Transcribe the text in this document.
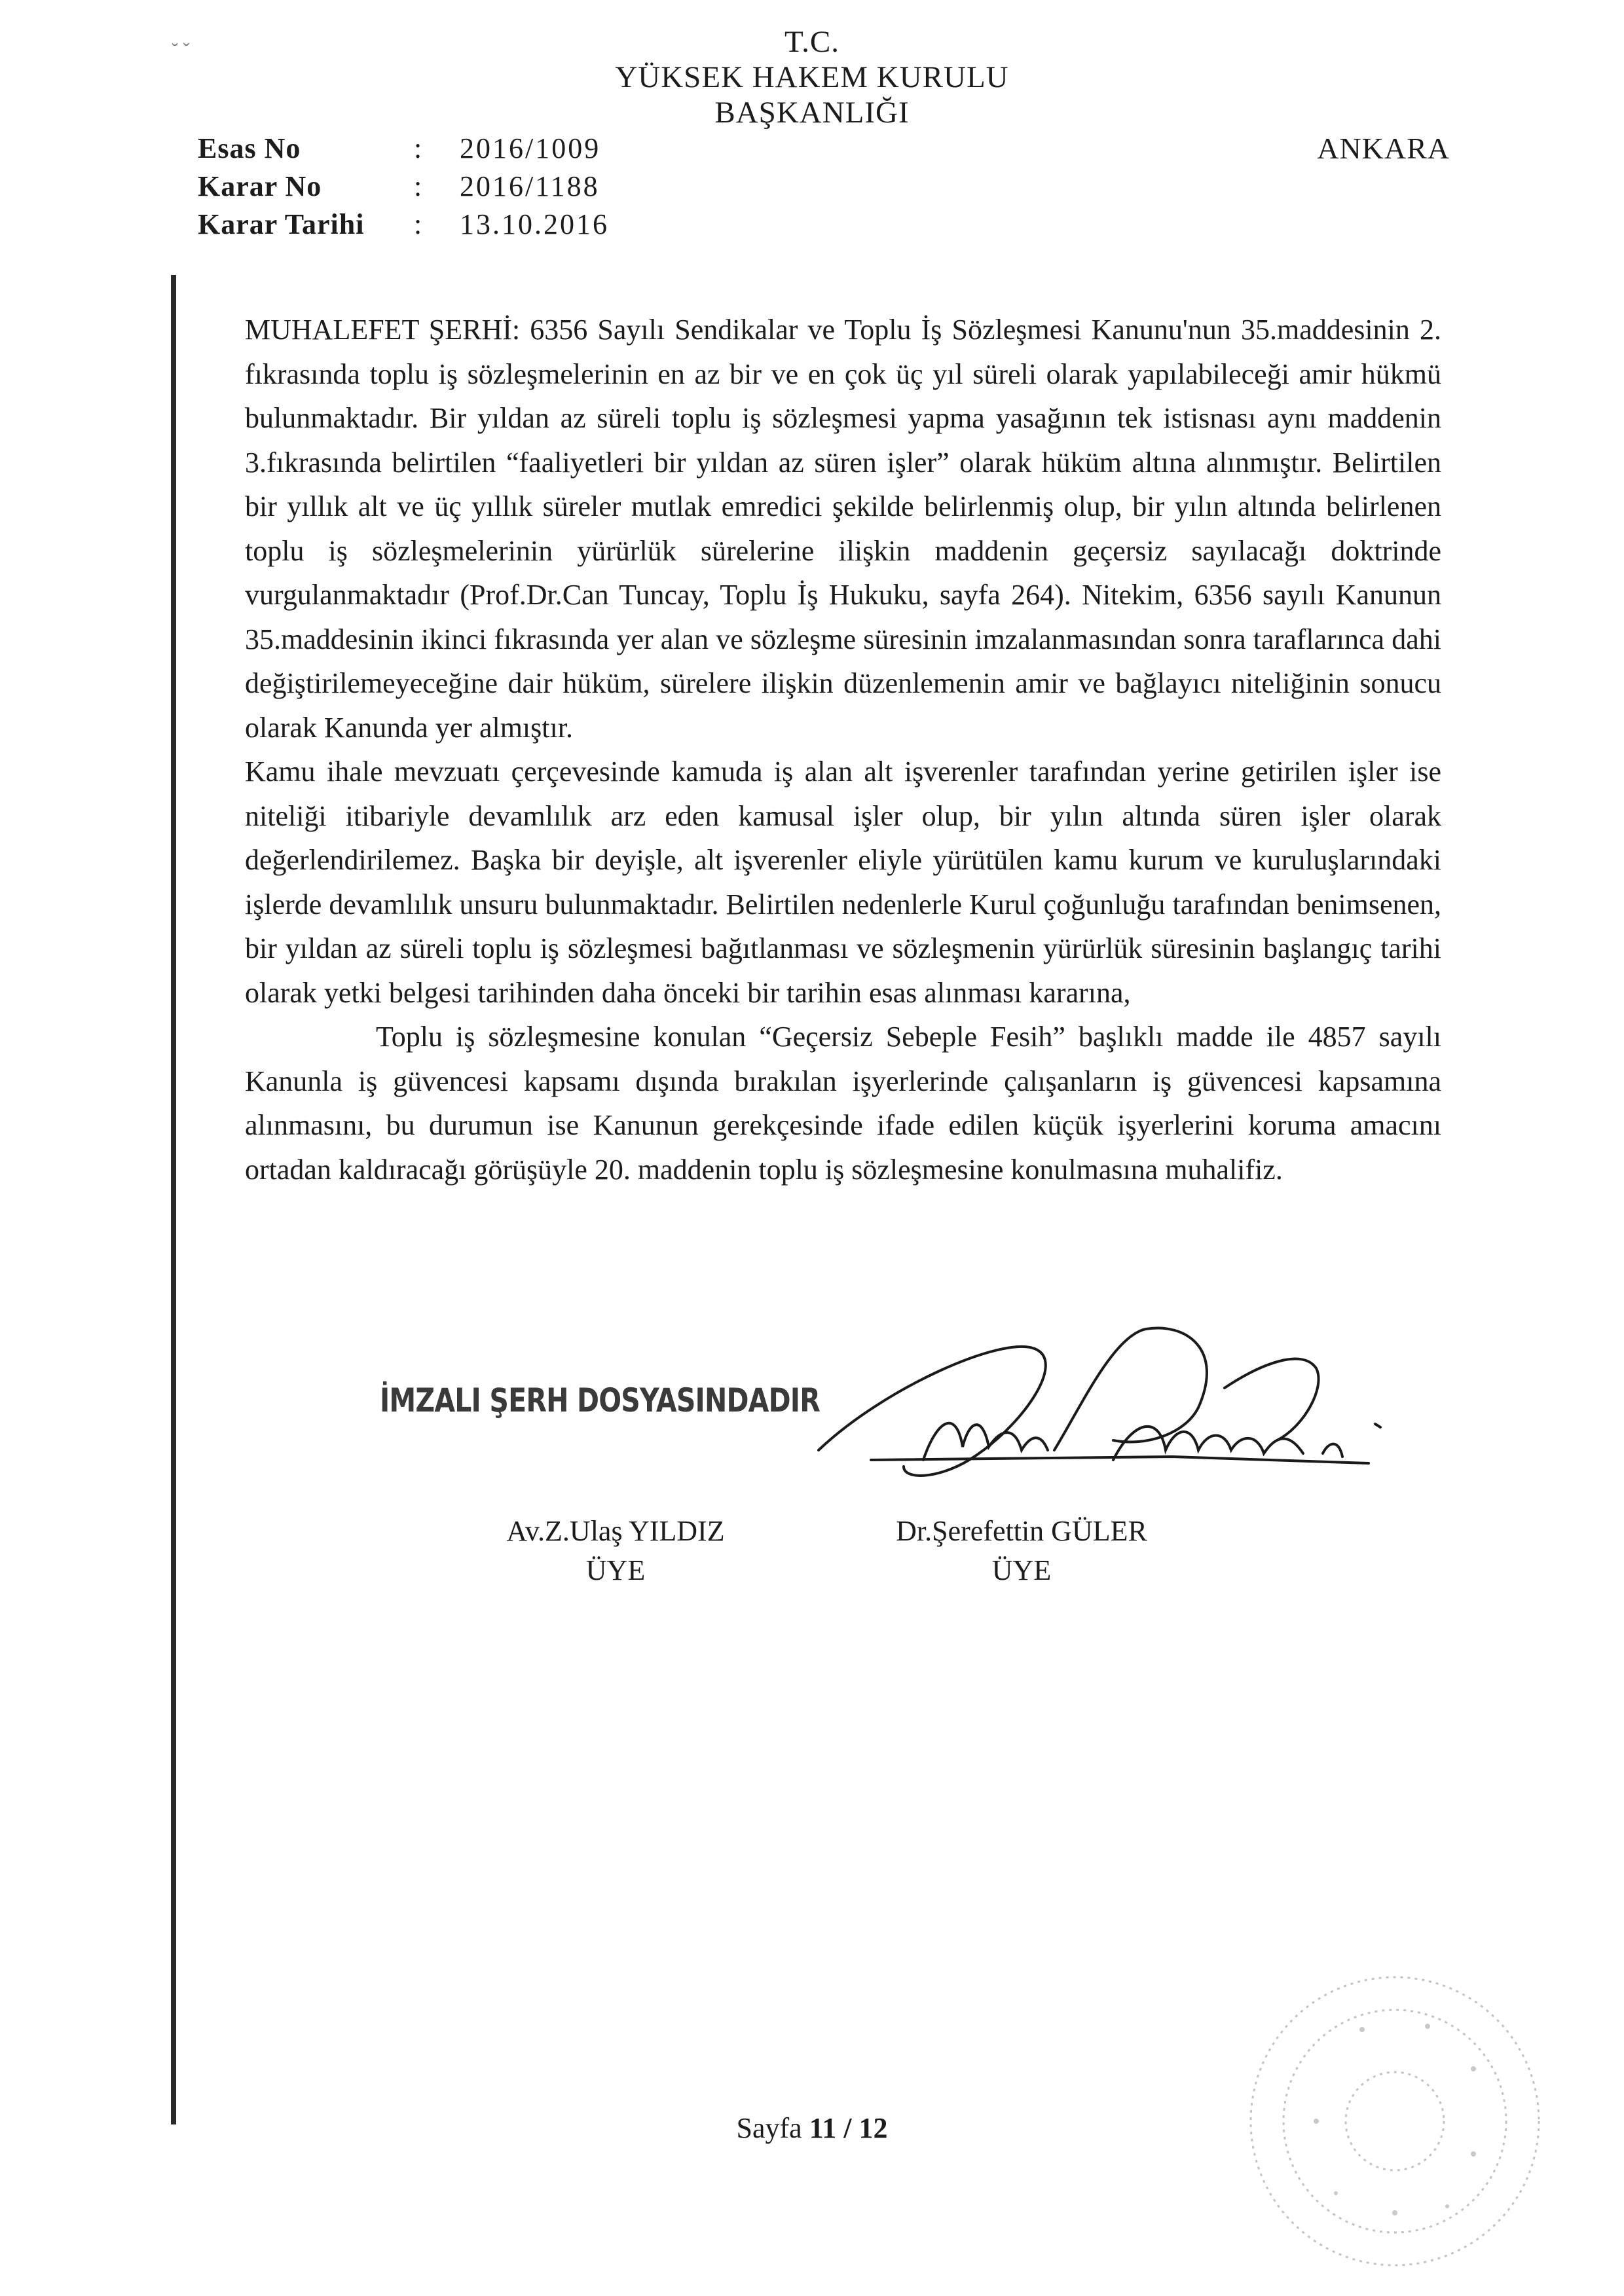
˘ ˇ	T.C.
YÜKSEK HAKEM KURULU
BAŞKANLIĞI
ANKARA
Esas No	: 2016/1009
Karar No	: 2016/1188
Karar Tarihi : 13.10.2016

MUHALEFET ŞERHİ: 6356 Sayılı Sendikalar ve Toplu İş Sözleşmesi Kanunu'nun 35.maddesinin 2. fıkrasında toplu iş sözleşmelerinin en az bir ve en çok üç yıl süreli olarak yapılabileceği amir hükmü bulunmaktadır. Bir yıldan az süreli toplu iş sözleşmesi yapma yasağının tek istisnası aynı maddenin 3.fıkrasında belirtilen “faaliyetleri bir yıldan az süren işler” olarak hüküm altına alınmıştır. Belirtilen bir yıllık alt ve üç yıllık süreler mutlak emredici şekilde belirlenmiş olup, bir yılın altında belirlenen toplu iş sözleşmelerinin yürürlük sürelerine ilişkin maddenin geçersiz sayılacağı doktrinde vurgulanmaktadır (Prof.Dr.Can Tuncay, Toplu İş Hukuku, sayfa 264). Nitekim, 6356 sayılı Kanunun 35.maddesinin ikinci fıkrasında yer alan ve sözleşme süresinin imzalanmasından sonra taraflarınca dahi değiştirilemeyeceğine dair hüküm, sürelere ilişkin düzenlemenin amir ve bağlayıcı niteliğinin sonucu olarak Kanunda yer almıştır.

Kamu ihale mevzuatı çerçevesinde kamuda iş alan alt işverenler tarafından yerine getirilen işler ise niteliği itibariyle devamlılık arz eden kamusal işler olup, bir yılın altında süren işler olarak değerlendirilemez. Başka bir deyişle, alt işverenler eliyle yürütülen kamu kurum ve kuruluşlarındaki işlerde devamlılık unsuru bulunmaktadır. Belirtilen nedenlerle Kurul çoğunluğu tarafından benimsenen, bir yıldan az süreli toplu iş sözleşmesi bağıtlanması ve sözleşmenin yürürlük süresinin başlangıç tarihi olarak yetki belgesi tarihinden daha önceki bir tarihin esas alınması kararına,

Toplu iş sözleşmesine konulan “Geçersiz Sebeple Fesih” başlıklı madde ile 4857 sayılı Kanunla iş güvencesi kapsamı dışında bırakılan işyerlerinde çalışanların iş güvencesi kapsamına alınmasını, bu durumun ise Kanunun gerekçesinde ifade edilen küçük işyerlerini koruma amacını ortadan kaldıracağı görüşüyle 20. maddenin toplu iş sözleşmesine konulmasına muhalifiz.

İMZALI ŞERH DOSYASINDADIR
Av.Z.Ulaş YILDIZ
ÜYE
Dr.Şerefettin GÜLER
ÜYE
Sayfa 11 / 12
